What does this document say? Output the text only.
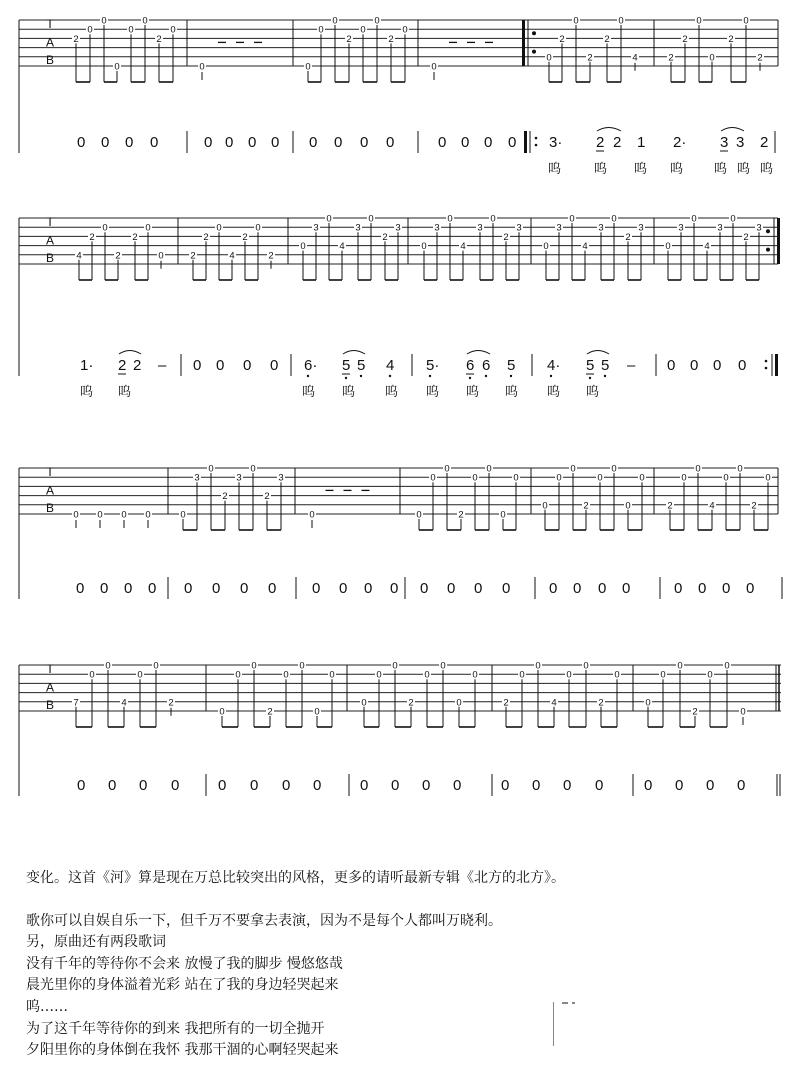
T
A
B
2
0
0
0
0
0
2
0
0	0
0
0
2
0
0
2
0
0
0
2
0
2
2
0
4	2
2
0
0
2
0
2
0 0 0 0	0 0 0 0 0 0 0 0	0 0 0 0 3· 2 2 1 2· 3 3 2
呜	呜 呜 呜 呜 呜 呜
T
A
B 4
2
0
2
2
0
0	2
2
0
4
2
0
2
0
3
0
4
3
0
2
3
0
3
0
4
3
0
2
3
0
3
0
4
3
0
2
3
0
3
0
4
3
0
2
3
1· 2 2 – 0 0 0 0 6· 5 5 4 5· 6 6 5 4· 5 5 – 0 0 0 0
呜 呜	呜 呜 呜 呜 呜 呜 呜 呜
T
A
B 0 0 0 0	0
3
0
2
3
0
2
3
0	0
0
0
2
0
0
0
0
0
0
0
2
0
0
0
0
2
0
0
4
0
0
2
0
0 0 0 0 0 0 0 0 0 0 0 0 0 0 0 0	0 0 0 0	0 0 0 0
T
A
B 7
0
0
4
0
0
2
0
0
0
2
0
0
0
0
0
0
0
2
0
0
0
0
2
0
0
4
0
0
2
0
0
0
0
2
0
0
0
0 0 0 0	0 0 0 0	0 0 0 0	0 0 0 0	0 0 0 0

变化。这首《河》算是现在万总比较突出的风格，更多的请听最新专辑《北方的北方》。

歌你可以自娱自乐一下，但千万不要拿去表演，因为不是每个人都叫万晓利。

另，原曲还有两段歌词

没有千年的等待你不会来 放慢了我的脚步 慢悠悠哉

晨光里你的身体溢着光彩 站在了我的身边轻哭起来

呜……

为了这千年等待你的到来 我把所有的一切全抛开

夕阳里你的身体倒在我怀 我那干涸的心啊轻哭起来
